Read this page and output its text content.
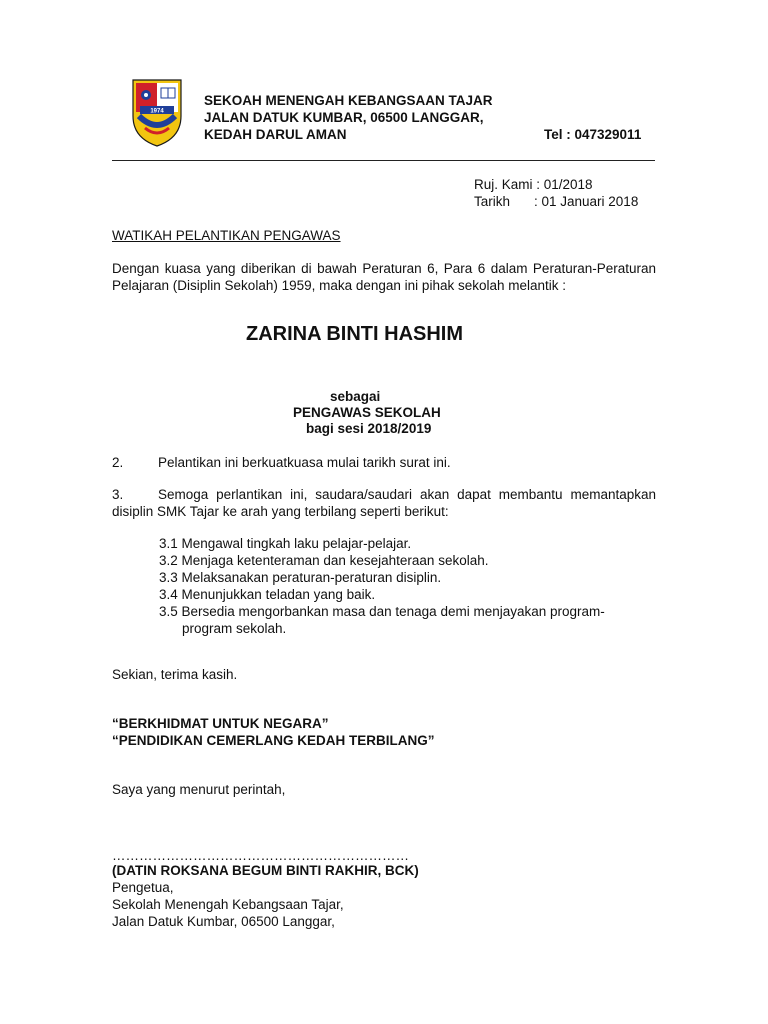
1974
SEKOAH MENENGAH KEBANGSAAN TAJAR
JALAN DATUK KUMBAR, 06500 LANGGAR,
KEDAH DARUL AMAN	Tel : 047329011
Ruj. Kami : 01/2018
Tarikh : 01 Januari 2018
WATIKAH PELANTIKAN PENGAWAS
Dengan kuasa yang diberikan di bawah Peraturan 6, Para 6 dalam Peraturan-Peraturan Pelajaran (Disiplin Sekolah) 1959, maka dengan ini pihak sekolah melantik :
ZARINA BINTI HASHIM
sebagai
PENGAWAS SEKOLAH
bagi sesi 2018/2019
2.	Pelantikan ini berkuatkuasa mulai tarikh surat ini.
3.	Semoga perlantikan ini, saudara/saudari akan dapat membantu memantapkan disiplin SMK Tajar ke arah yang terbilang seperti berikut:
3.1 Mengawal tingkah laku pelajar-pelajar.
3.2 Menjaga ketenteraman dan kesejahteraan sekolah.
3.3 Melaksanakan peraturan-peraturan disiplin.
3.4 Menunjukkan teladan yang baik.
3.5 Bersedia mengorbankan masa dan tenaga demi menjayakan program-
program sekolah.
Sekian, terima kasih.
“BERKHIDMAT UNTUK NEGARA”
“PENDIDIKAN CEMERLANG KEDAH TERBILANG”
Saya yang menurut perintah,
…………………………………………………………
(DATIN ROKSANA BEGUM BINTI RAKHIR, BCK)
Pengetua,
Sekolah Menengah Kebangsaan Tajar,
Jalan Datuk Kumbar, 06500 Langgar,
